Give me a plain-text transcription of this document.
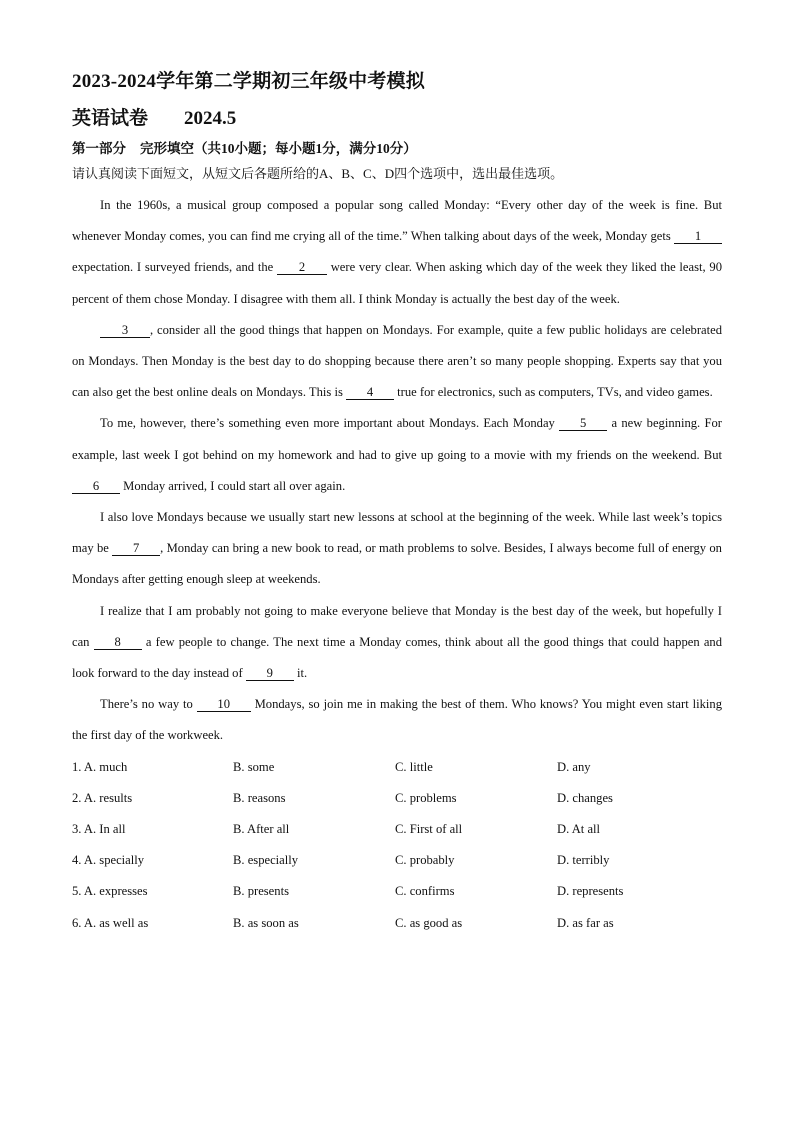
2023-2024学年第二学期初三年级中考模拟
英语试卷 2024.5
第一部分 完形填空（共10小题；每小题1分，满分10分）
请认真阅读下面短文，从短文后各题所给的A、B、C、D四个选项中，选出最佳选项。

In the 1960s, a musical group composed a popular song called Monday: “Every other day of the week is fine. But whenever Monday comes, you can find me crying all of the time.” When talking about days of the week, Monday gets 1 expectation. I surveyed friends, and the 2 were very clear. When asking which day of the week they liked the least, 90 percent of them chose Monday. I disagree with them all. I think Monday is actually the best day of the week.

3 , consider all the good things that happen on Mondays. For example, quite a few public holidays are celebrated on Mondays. Then Monday is the best day to do shopping because there aren’t so many people shopping. Experts say that you can also get the best online deals on Mondays. This is 4 true for electronics, such as computers, TVs, and video games.

To me, however, there’s something even more important about Mondays. Each Monday 5 a new beginning. For example, last week I got behind on my homework and had to give up going to a movie with my friends on the weekend. But 6 Monday arrived, I could start all over again.

I also love Mondays because we usually start new lessons at school at the beginning of the week. While last week’s topics may be 7 , Monday can bring a new book to read, or math problems to solve. Besides, I always become full of energy on Mondays after getting enough sleep at weekends.

I realize that I am probably not going to make everyone believe that Monday is the best day of the week, but hopefully I can 8 a few people to change. The next time a Monday comes, think about all the good things that could happen and look forward to the day instead of 9 it.

There’s no way to 10 Mondays, so join me in making the best of them. Who knows? You might even start liking the first day of the workweek.

1. A. much	B. some	C. little	D. any
2. A. results	B. reasons	C. problems	D. changes
3. A. In all	B. After all	C. First of all	D. At all
4. A. specially	B. especially	C. probably	D. terribly
5. A. expresses	B. presents	C. confirms	D. represents
6. A. as well as	B. as soon as	C. as good as	D. as far as
